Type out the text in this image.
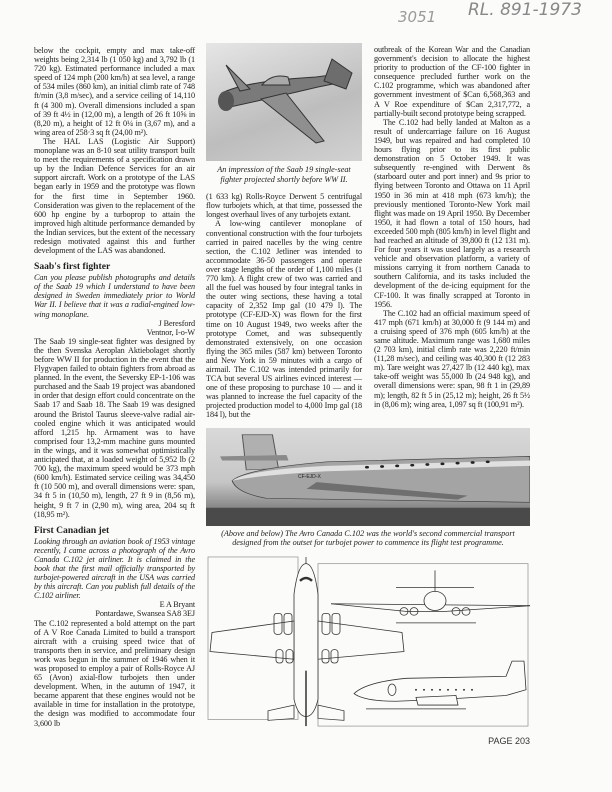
3051 RL. 891-1973

below the cockpit, empty and max take-off weights being 2,314 lb (1 050 kg) and 3,792 lb (1 720 kg). Estimated performance included a max speed of 124 mph (200 km/h) at sea level, a range of 534 miles (860 km), an initial climb rate of 748 ft/min (3,8 m/sec), and a service ceiling of 14,110 ft (4 300 m). Overall dimensions included a span of 39 ft 4½ in (12,00 m), a length of 26 ft 10⅝ in (8,20 m), a height of 12 ft 0¼ in (3,67 m), and a wing area of 258·3 sq ft (24,00 m²).

The HAL LAS (Logistic Air Support) monoplane was an 8-10 seat utility transport built to meet the requirements of a specification drawn up by the Indian Defence Services for an air support aircraft. Work on a prototype of the LAS began early in 1959 and the prototype was flown for the first time in September 1960. Consideration was given to the replacement of the 600 hp engine by a turboprop to attain the improved high altitude performance demanded by the Indian services, but the extent of the necessary redesign motivated against this and further development of the LAS was abandoned.

Saab's first fighter

Can you please publish photographs and details of the Saab 19 which I understand to have been designed in Sweden immediately prior to World War II. I believe that it was a radial-engined low-wing monoplane.

J Beresford

Ventnor, I-o-W

The Saab 19 single-seat fighter was designed by the then Svenska Aeroplan Aktiebolaget shortly before WW II for production in the event that the Flygvapen failed to obtain fighters from abroad as planned. In the event, the Seversky EP-1-106 was purchased and the Saab 19 project was abandoned in order that design effort could concentrate on the Saab 17 and Saab 18. The Saab 19 was designed around the Bristol Taurus sleeve-valve radial air-cooled engine which it was anticipated would afford 1,215 hp. Armament was to have comprised four 13,2-mm machine guns mounted in the wings, and it was somewhat optimistically anticipated that, at a loaded weight of 5,952 lb (2 700 kg), the maximum speed would be 373 mph (600 km/h). Estimated service ceiling was 34,450 ft (10 500 m), and overall dimensions were: span, 34 ft 5 in (10,50 m), length, 27 ft 9 in (8,56 m), height, 9 ft 7 in (2,90 m), wing area, 204 sq ft (18,95 m²).

First Canadian jet

Looking through an aviation book of 1953 vintage recently, I came across a photograph of the Avro Canada C.102 jet airliner. It is claimed in the book that the first mail officially transported by turbojet-powered aircraft in the USA was carried by this aircraft. Can you publish full details of the C.102 airliner.

E A Bryant

Pontardawe, Swansea SA8 3EJ

The C.102 represented a bold attempt on the part of A V Roe Canada Limited to build a transport aircraft with a cruising speed twice that of transports then in service, and preliminary design work was begun in the summer of 1946 when it was proposed to employ a pair of Rolls-Royce AJ 65 (Avon) axial-flow turbojets then under development. When, in the autumn of 1947, it became apparent that these engines would not be available in time for installation in the prototype, the design was modified to accommodate four 3,600 lb

An impression of the Saab 19 single-seat fighter projected shortly before WW II.

(1 633 kg) Rolls-Royce Derwent 5 centrifugal flow turbojets which, at that time, possessed the longest overhaul lives of any turbojets extant.

A low-wing cantilever monoplane of conventional construction with the four turbojets carried in paired nacelles by the wing centre section, the C.102 Jetliner was intended to accommodate 36-50 passengers and operate over stage lengths of the order of 1,100 miles (1 770 km). A flight crew of two was carried and all the fuel was housed by four integral tanks in the outer wing sections, these having a total capacity of 2,352 Imp gal (10 479 l). The prototype (CF-EJD-X) was flown for the first time on 10 August 1949, two weeks after the prototype Comet, and was subsequently demonstrated extensively, on one occasion flying the 365 miles (587 km) between Toronto and New York in 59 minutes with a cargo of airmail. The C.102 was intended primarily for TCA but several US airlines evinced interest — one of these proposing to purchase 10 — and it was planned to increase the fuel capacity of the projected production model to 4,000 Imp gal (18 184 l), but the

outbreak of the Korean War and the Canadian government's decision to allocate the highest priority to production of the CF-100 fighter in consequence precluded further work on the C.102 programme, which was abandoned after government investment of $Can 6,568,363 and A V Roe expenditure of $Can 2,317,772, a partially-built second prototype being scrapped.

The C.102 had belly landed at Malton as a result of undercarriage failure on 16 August 1949, but was repaired and had completed 10 hours flying prior to its first public demonstration on 5 October 1949. It was subsequently re-engined with Derwent 8s (starboard outer and port inner) and 9s prior to flying between Toronto and Ottawa on 11 April 1950 in 36 min at 418 mph (673 km/h); the previously mentioned Toronto-New York mail flight was made on 19 April 1950. By December 1950, it had flown a total of 150 hours, had exceeded 500 mph (805 km/h) in level flight and had reached an altitude of 39,800 ft (12 131 m). For four years it was used largely as a research vehicle and observation platform, a variety of missions carrying it from northern Canada to southern California, and its tasks included the development of the de-icing equipment for the CF-100. It was finally scrapped at Toronto in 1956.

The C.102 had an official maximum speed of 417 mph (671 km/h) at 30,000 ft (9 144 m) and a cruising speed of 376 mph (605 km/h) at the same altitude. Maximum range was 1,680 miles (2 703 km), initial climb rate was 2,220 ft/min (11,28 m/sec), and ceiling was 40,300 ft (12 283 m). Tare weight was 27,427 lb (12 440 kg), max take-off weight was 55,000 lb (24 948 kg), and overall dimensions were: span, 98 ft 1 in (29,89 m); length, 82 ft 5 in (25,12 m); height, 26 ft 5½ in (8,06 m); wing area, 1,097 sq ft (100,91 m²).

CF-EJD-X
(Above and below) The Avro Canada C.102 was the world's second commercial transport designed from the outset for turbojet power to commence its flight test programme.
PAGE 203
